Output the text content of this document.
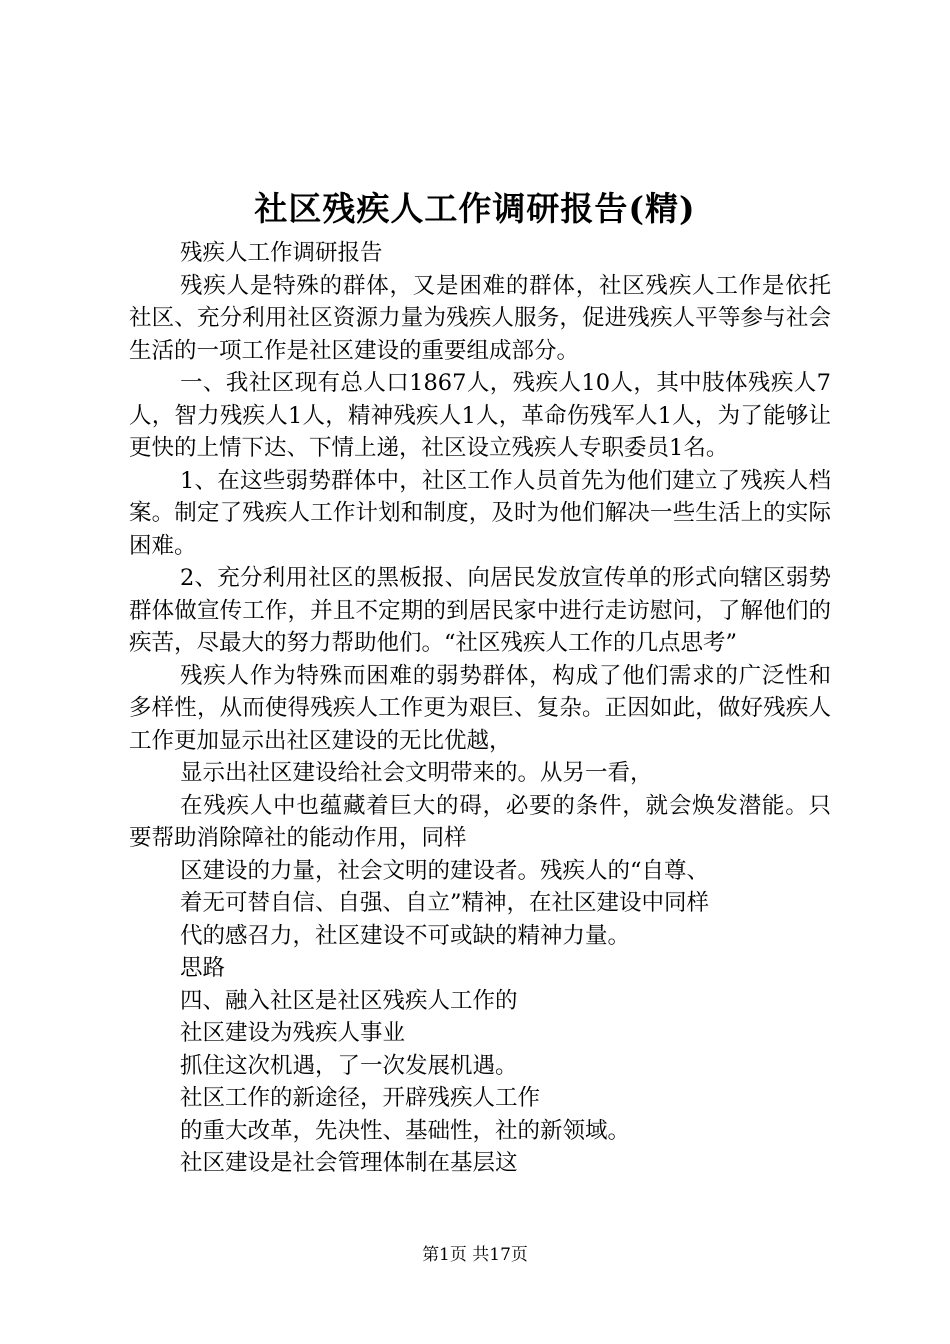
社区残疾人工作调研报告(精)

残疾人工作调研报告

残疾人是特殊的群体，又是困难的群体，社区残疾人工作是依托社区、充分利用社区资源力量为残疾人服务，促进残疾人平等参与社会生活的一项工作是社区建设的重要组成部分。

一、我社区现有总人口1867人，残疾人10人，其中肢体残疾人7人，智力残疾人1人，精神残疾人1人，革命伤残军人1人，为了能够让更快的上情下达、下情上递，社区设立残疾人专职委员1名。

1、在这些弱势群体中，社区工作人员首先为他们建立了残疾人档案。制定了残疾人工作计划和制度，及时为他们解决一些生活上的实际困难。

2、充分利用社区的黑板报、向居民发放宣传单的形式向辖区弱势群体做宣传工作，并且不定期的到居民家中进行走访慰问，了解他们的疾苦，尽最大的努力帮助他们。“社区残疾人工作的几点思考”

残疾人作为特殊而困难的弱势群体，构成了他们需求的广泛性和多样性，从而使得残疾人工作更为艰巨、复杂。正因如此，做好残疾人工作更加显示出社区建设的无比优越，

显示出社区建设给社会文明带来的。从另一看，

在残疾人中也蕴藏着巨大的碍，必要的条件，就会焕发潜能。只要帮助消除障社的能动作用，同样

区建设的力量，社会文明的建设者。残疾人的“自尊、

着无可替自信、自强、自立”精神，在社区建设中同样

代的感召力，社区建设不可或缺的精神力量。

思路

四、融入社区是社区残疾人工作的

社区建设为残疾人事业

抓住这次机遇，了一次发展机遇。

社区工作的新途径，开辟残疾人工作

的重大改革，先决性、基础性，社的新领域。

社区建设是社会管理体制在基层这

第1页 共17页
